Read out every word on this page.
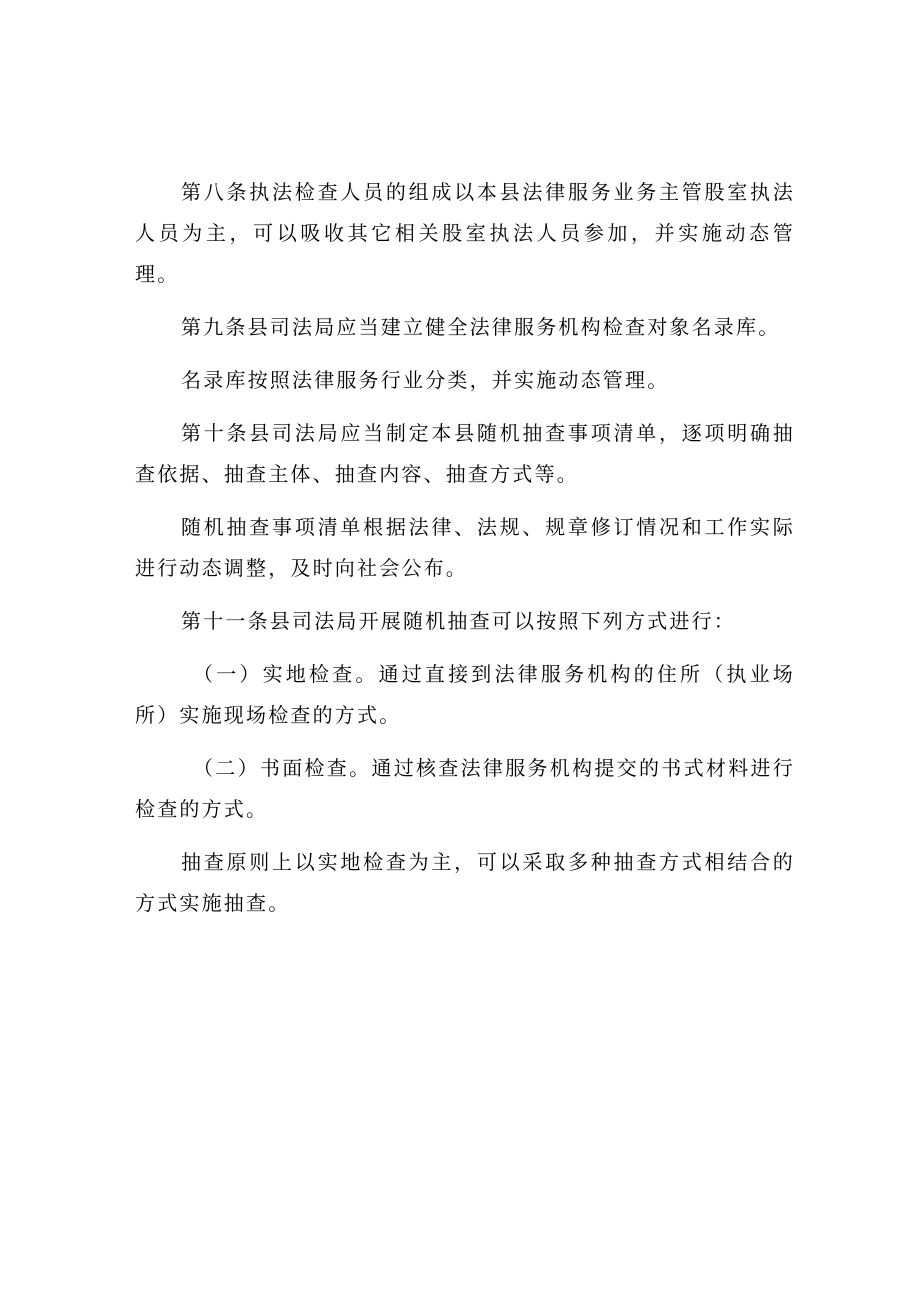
第八条执法检查人员的组成以本县法律服务业务主管股室执法人员为主，可以吸收其它相关股室执法人员参加，并实施动态管理。

第九条县司法局应当建立健全法律服务机构检查对象名录库。

名录库按照法律服务行业分类，并实施动态管理。

第十条县司法局应当制定本县随机抽查事项清单，逐项明确抽查依据、抽查主体、抽查内容、抽查方式等。

随机抽查事项清单根据法律、法规、规章修订情况和工作实际进行动态调整，及时向社会公布。

第十一条县司法局开展随机抽查可以按照下列方式进行：

（一）实地检查。通过直接到法律服务机构的住所（执业场所）实施现场检查的方式。

（二）书面检查。通过核查法律服务机构提交的书式材料进行检查的方式。

抽查原则上以实地检查为主，可以采取多种抽查方式相结合的方式实施抽查。
